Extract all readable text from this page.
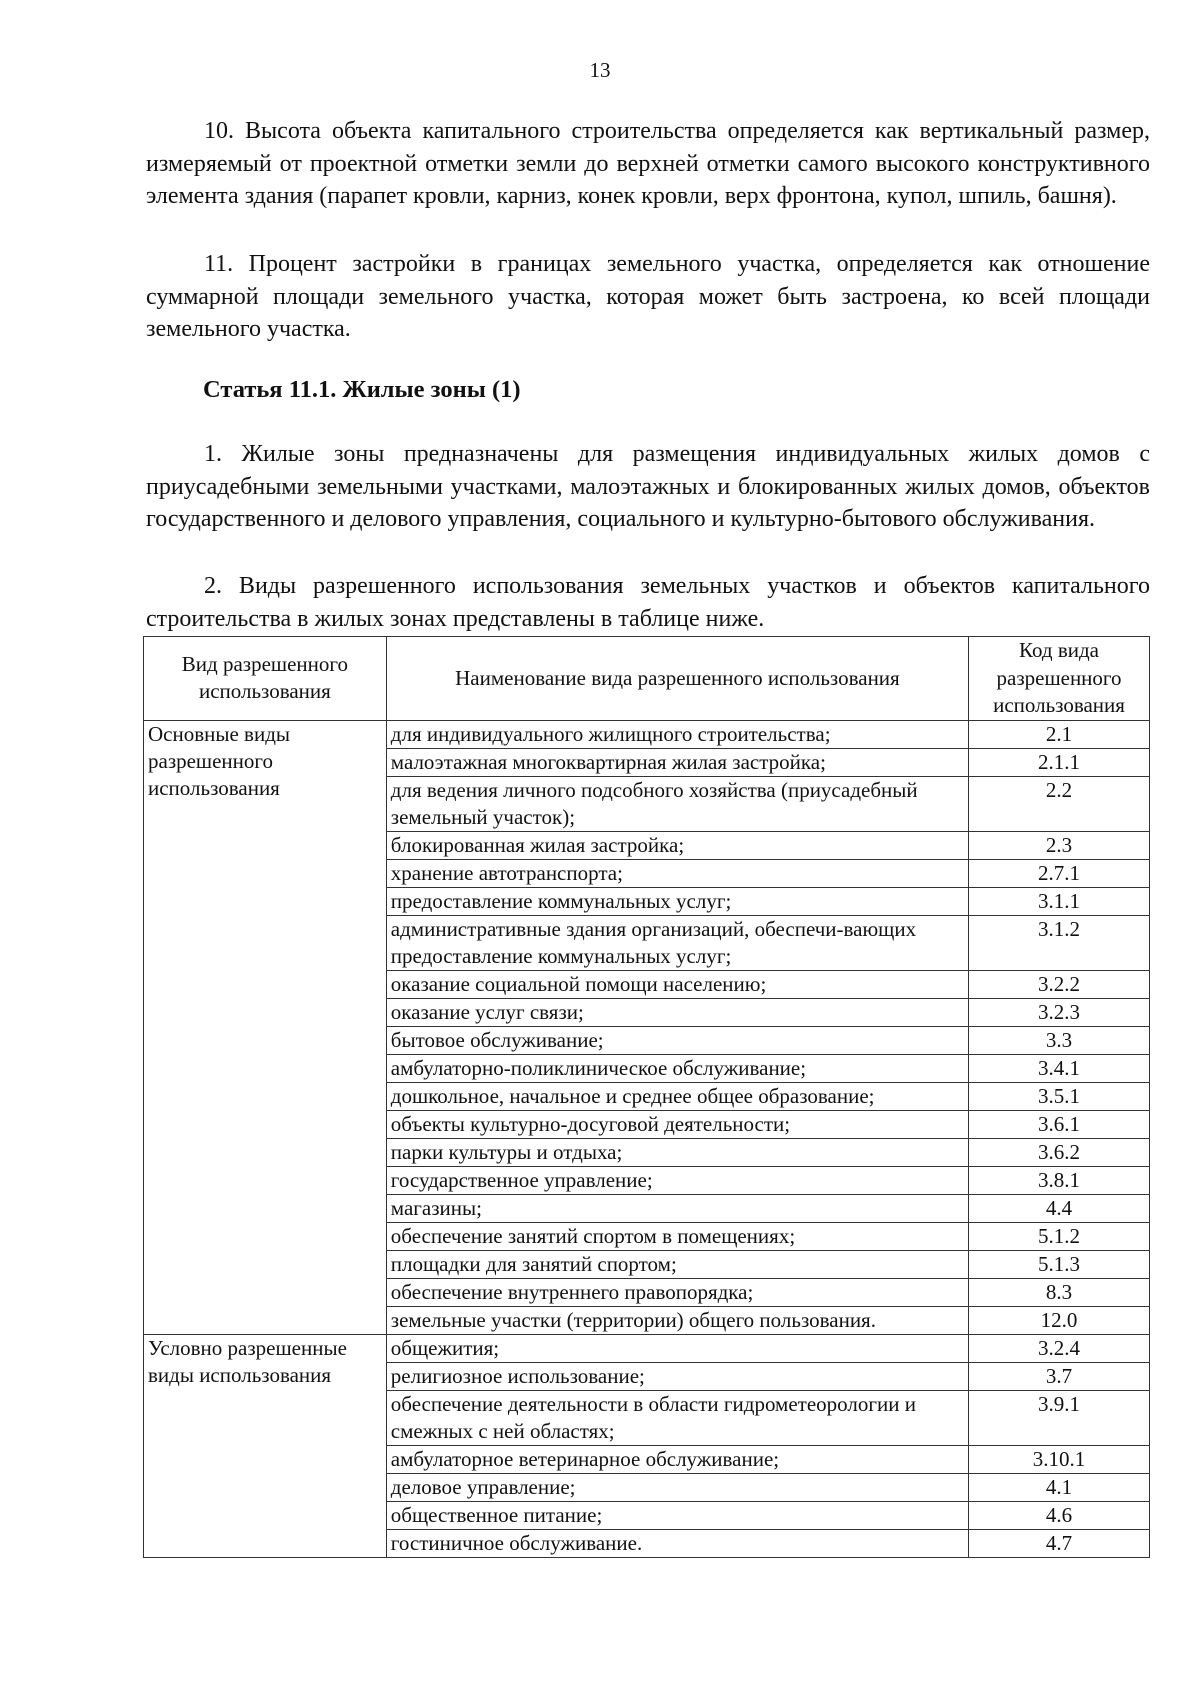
13

10. Высота объекта капитального строительства определяется как вертикальный размер, измеряемый от проектной отметки земли до верхней отметки самого высокого конструктивного элемента здания (парапет кровли, карниз, конек кровли, верх фронтона, купол, шпиль, башня).

11. Процент застройки в границах земельного участка, определяется как отношение суммарной площади земельного участка, которая может быть застроена, ко всей площади земельного участка.

Статья 11.1. Жилые зоны (1)

1. Жилые зоны предназначены для размещения индивидуальных жилых домов с приусадебными земельными участками, малоэтажных и блокированных жилых домов, объектов государственного и делового управления, социального и культурно-бытового обслуживания.

2. Виды разрешенного использования земельных участков и объектов капитального строительства в жилых зонах представлены в таблице ниже.

Вид разрешенного использования	Наименование вида разрешенного использования	Код вида разрешенного использования
Основные виды разрешенного использования	для индивидуального жилищного строительства;	2.1
	малоэтажная многоквартирная жилая застройка;	2.1.1
	для ведения личного подсобного хозяйства (приусадебный земельный участок);	2.2
	блокированная жилая застройка;	2.3
	хранение автотранспорта;	2.7.1
	предоставление коммунальных услуг;	3.1.1
	административные здания организаций, обеспечи-вающих предоставление коммунальных услуг;	3.1.2
	оказание социальной помощи населению;	3.2.2
	оказание услуг связи;	3.2.3
	бытовое обслуживание;	3.3
	амбулаторно-поликлиническое обслуживание;	3.4.1
	дошкольное, начальное и среднее общее образование;	3.5.1
	объекты культурно-досуговой деятельности;	3.6.1
	парки культуры и отдыха;	3.6.2
	государственное управление;	3.8.1
	магазины;	4.4
	обеспечение занятий спортом в помещениях;	5.1.2
	площадки для занятий спортом;	5.1.3
	обеспечение внутреннего правопорядка;	8.3
	земельные участки (территории) общего пользования.	12.0
Условно разрешенные виды использования	общежития;	3.2.4
	религиозное использование;	3.7
	обеспечение деятельности в области гидрометеорологии и смежных с ней областях;	3.9.1
	амбулаторное ветеринарное обслуживание;	3.10.1
	деловое управление;	4.1
	общественное питание;	4.6
	гостиничное обслуживание.	4.7
